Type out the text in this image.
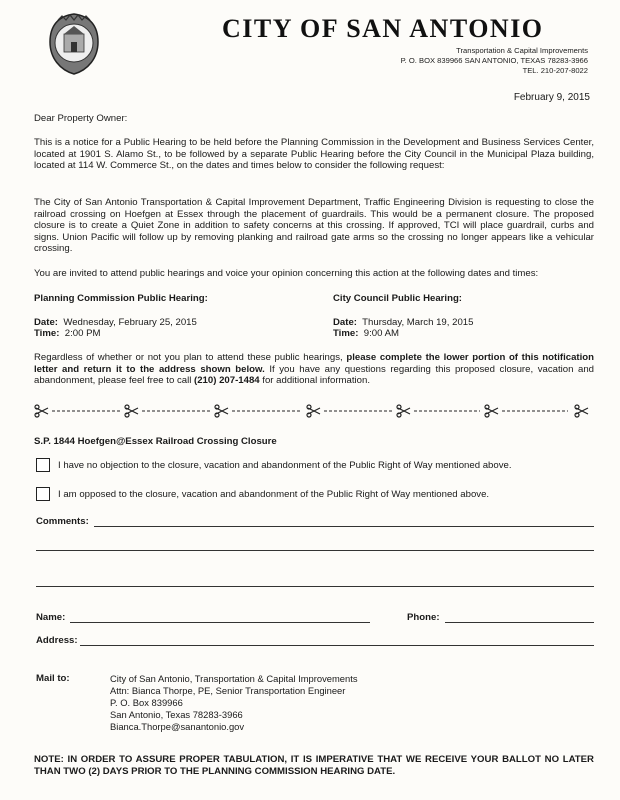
CITY OF SAN ANTONIO
Transportation & Capital Improvements
P. O. BOX 839966 SAN ANTONIO, TEXAS 78283-3966
TEL. 210-207-8022
February 9, 2015
Dear Property Owner:

This is a notice for a Public Hearing to be held before the Planning Commission in the Development and Business Services Center, located at 1901 S. Alamo St., to be followed by a separate Public Hearing before the City Council in the Municipal Plaza building, located at 114 W. Commerce St., on the dates and times below to consider the following request:

The City of San Antonio Transportation & Capital Improvement Department, Traffic Engineering Division is requesting to close the railroad crossing on Hoefgen at Essex through the placement of guardrails. This would be a permanent closure. The proposed closure is to create a Quiet Zone in addition to safety concerns at this crossing. If approved, TCI will place guardrail, curbs and signs. Union Pacific will follow up by removing planking and railroad gate arms so the crossing no longer appears like a vehicular crossing.

You are invited to attend public hearings and voice your opinion concerning this action at the following dates and times:

Planning Commission Public Hearing:
Date: Wednesday, February 25, 2015
Time: 2:00 PM
City Council Public Hearing:
Date: Thursday, March 19, 2015
Time: 9:00 AM

Regardless of whether or not you plan to attend these public hearings, please complete the lower portion of this notification letter and return it to the address shown below. If you have any questions regarding this proposed closure, vacation and abandonment, please feel free to call (210) 207-1484 for additional information.

S.P. 1844 Hoefgen@Essex Railroad Crossing Closure
I have no objection to the closure, vacation and abandonment of the Public Right of Way mentioned above.
I am opposed to the closure, vacation and abandonment of the Public Right of Way mentioned above.
Comments:
Name:	Phone:
Address:
Mail to:	City of San Antonio, Transportation & Capital Improvements
Attn: Bianca Thorpe, PE, Senior Transportation Engineer
P. O. Box 839966
San Antonio, Texas 78283-3966
Bianca.Thorpe@sanantonio.gov

NOTE: IN ORDER TO ASSURE PROPER TABULATION, IT IS IMPERATIVE THAT WE RECEIVE YOUR BALLOT NO LATER THAN TWO (2) DAYS PRIOR TO THE PLANNING COMMISSION HEARING DATE.
